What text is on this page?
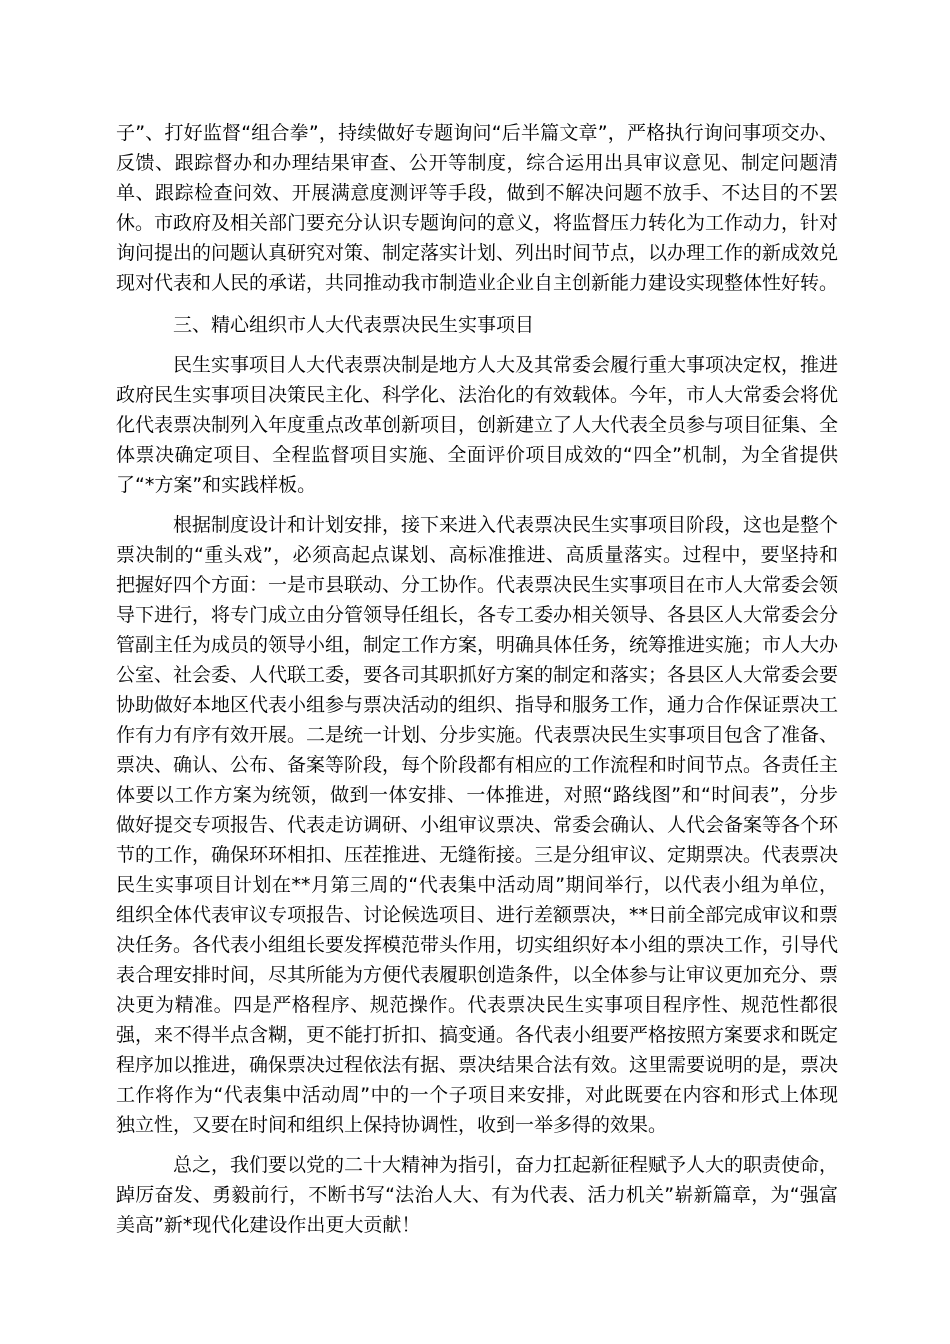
子”、打好监督“组合拳”，持续做好专题询问“后半篇文章”，严格执行询问事项交办、反馈、跟踪督办和办理结果审查、公开等制度，综合运用出具审议意见、制定问题清单、跟踪检查问效、开展满意度测评等手段，做到不解决问题不放手、不达目的不罢休。市政府及相关部门要充分认识专题询问的意义，将监督压力转化为工作动力，针对询问提出的问题认真研究对策、制定落实计划、列出时间节点，以办理工作的新成效兑现对代表和人民的承诺，共同推动我市制造业企业自主创新能力建设实现整体性好转。

三、精心组织市人大代表票决民生实事项目

民生实事项目人大代表票决制是地方人大及其常委会履行重大事项决定权，推进政府民生实事项目决策民主化、科学化、法治化的有效载体。今年，市人大常委会将优化代表票决制列入年度重点改革创新项目，创新建立了人大代表全员参与项目征集、全体票决确定项目、全程监督项目实施、全面评价项目成效的“四全”机制，为全省提供了“*方案”和实践样板。

根据制度设计和计划安排，接下来进入代表票决民生实事项目阶段，这也是整个票决制的“重头戏”，必须高起点谋划、高标准推进、高质量落实。过程中，要坚持和把握好四个方面：一是市县联动、分工协作。代表票决民生实事项目在市人大常委会领导下进行，将专门成立由分管领导任组长，各专工委办相关领导、各县区人大常委会分管副主任为成员的领导小组，制定工作方案，明确具体任务，统筹推进实施；市人大办公室、社会委、人代联工委，要各司其职抓好方案的制定和落实；各县区人大常委会要协助做好本地区代表小组参与票决活动的组织、指导和服务工作，通力合作保证票决工作有力有序有效开展。二是统一计划、分步实施。代表票决民生实事项目包含了准备、票决、确认、公布、备案等阶段，每个阶段都有相应的工作流程和时间节点。各责任主体要以工作方案为统领，做到一体安排、一体推进，对照“路线图”和“时间表”，分步做好提交专项报告、代表走访调研、小组审议票决、常委会确认、人代会备案等各个环节的工作，确保环环相扣、压茬推进、无缝衔接。三是分组审议、定期票决。代表票决民生实事项目计划在**月第三周的“代表集中活动周”期间举行，以代表小组为单位，组织全体代表审议专项报告、讨论候选项目、进行差额票决，**日前全部完成审议和票决任务。各代表小组组长要发挥模范带头作用，切实组织好本小组的票决工作，引导代表合理安排时间，尽其所能为方便代表履职创造条件，以全体参与让审议更加充分、票决更为精准。四是严格程序、规范操作。代表票决民生实事项目程序性、规范性都很强，来不得半点含糊，更不能打折扣、搞变通。各代表小组要严格按照方案要求和既定程序加以推进，确保票决过程依法有据、票决结果合法有效。这里需要说明的是，票决工作将作为“代表集中活动周”中的一个子项目来安排，对此既要在内容和形式上体现独立性，又要在时间和组织上保持协调性，收到一举多得的效果。

总之，我们要以党的二十大精神为指引，奋力扛起新征程赋予人大的职责使命，踔厉奋发、勇毅前行，不断书写“法治人大、有为代表、活力机关”崭新篇章，为“强富美高”新*现代化建设作出更大贡献！
